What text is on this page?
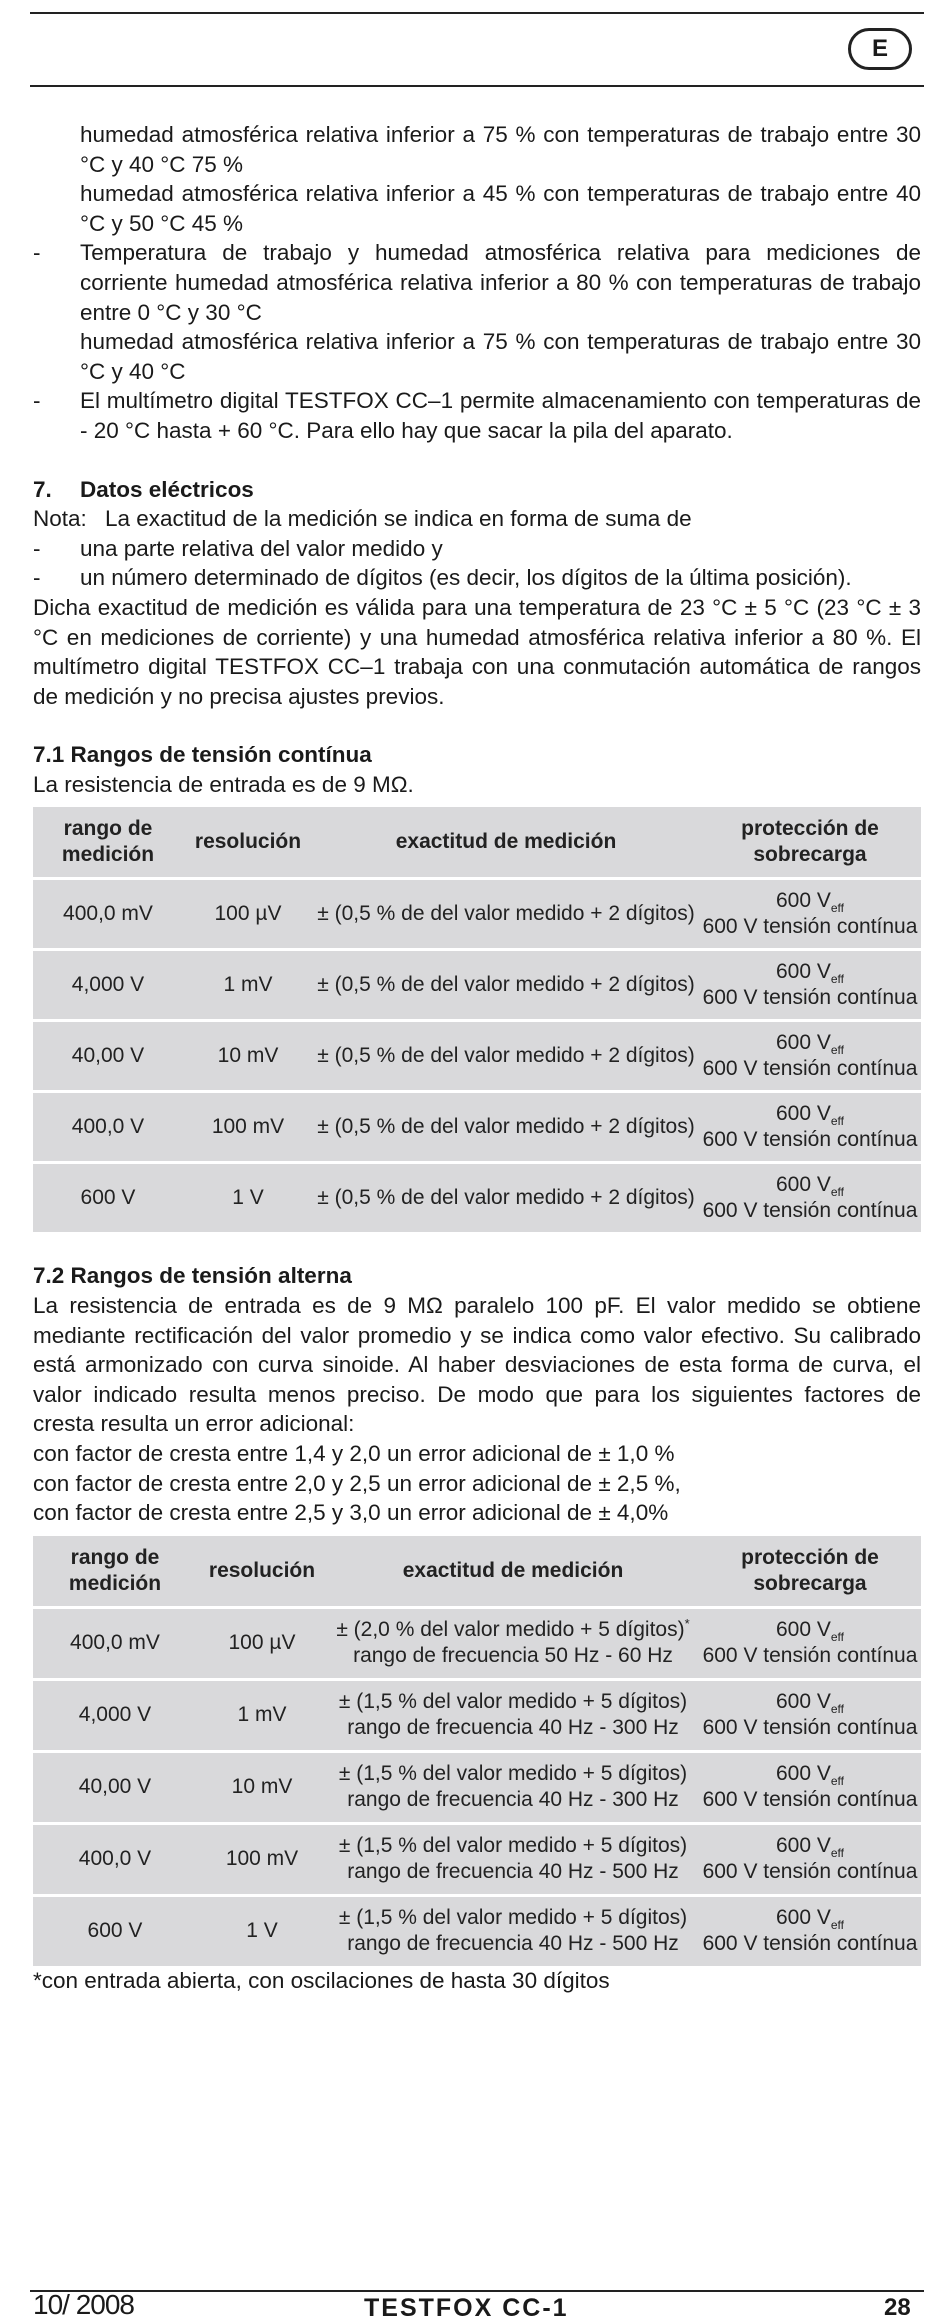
E
humedad atmosférica relativa inferior a 75 % con temperaturas de trabajo entre 30 °C y 40 °C 75 %
humedad atmosférica relativa inferior a 45 % con temperaturas de trabajo entre 40 °C y 50 °C 45 %
- Temperatura de trabajo y humedad atmosférica relativa para mediciones de corriente humedad atmosférica relativa inferior a 80 % con temperaturas de trabajo entre 0 °C y 30 °C
humedad atmosférica relativa inferior a 75 % con temperaturas de trabajo entre 30 °C y 40 °C
- El multímetro digital TESTFOX CC–1 permite almacenamiento con temperaturas de - 20 °C hasta + 60 °C. Para ello hay que sacar la pila del aparato.
7. Datos eléctricos
Nota: La exactitud de la medición se indica en forma de suma de
- una parte relativa del valor medido y
- un número determinado de dígitos (es decir, los dígitos de la última posición).
Dicha exactitud de medición es válida para una temperatura de 23 °C ± 5 °C (23 °C ± 3 °C en mediciones de corriente) y una humedad atmosférica relativa inferior a 80 %. El multímetro digital TESTFOX CC–1 trabaja con una conmutación automática de rangos de medición y no precisa ajustes previos.
7.1 Rangos de tensión contínua
La resistencia de entrada es de 9 MΩ.
rango de medición	resolución	exactitud de medición	protección de sobrecarga
400,0 mV	100 µV	± (0,5 % de del valor medido + 2 dígitos)	600 $V_{eff}$
600 V tensión contínua
4,000 V	1 mV	± (0,5 % de del valor medido + 2 dígitos)	600 $V_{eff}$
600 V tensión contínua
40,00 V	10 mV	± (0,5 % de del valor medido + 2 dígitos)	600 $V_{eff}$
600 V tensión contínua
400,0 V	100 mV	± (0,5 % de del valor medido + 2 dígitos)	600 $V_{eff}$
600 V tensión contínua
600 V	1 V	± (0,5 % de del valor medido + 2 dígitos)	600 $V_{eff}$
600 V tensión contínua
7.2 Rangos de tensión alterna
La resistencia de entrada es de 9 MΩ paralelo 100 pF. El valor medido se obtiene mediante rectificación del valor promedio y se indica como valor efectivo. Su calibrado está armonizado con curva sinoide. Al haber desviaciones de esta forma de curva, el valor indicado resulta menos preciso. De modo que para los siguientes factores de cresta resulta un error adicional:
con factor de cresta entre 1,4 y 2,0 un error adicional de ± 1,0 %
con factor de cresta entre 2,0 y 2,5 un error adicional de ± 2,5 %,
con factor de cresta entre 2,5 y 3,0 un error adicional de ± 4,0%
rango de medición	resolución	exactitud de medición	protección de sobrecarga
400,0 mV	100 µV	± (2,0 % del valor medido + 5 dígitos)*
rango de frecuencia 50 Hz - 60 Hz	600 $V_{eff}$
600 V tensión contínua
4,000 V	1 mV	± (1,5 % del valor medido + 5 dígitos)
rango de frecuencia 40 Hz - 300 Hz	600 $V_{eff}$
600 V tensión contínua
40,00 V	10 mV	± (1,5 % del valor medido + 5 dígitos)
rango de frecuencia 40 Hz - 300 Hz	600 $V_{eff}$
600 V tensión contínua
400,0 V	100 mV	± (1,5 % del valor medido + 5 dígitos)
rango de frecuencia 40 Hz - 500 Hz	600 $V_{eff}$
600 V tensión contínua
600 V	1 V	± (1,5 % del valor medido + 5 dígitos)
rango de frecuencia 40 Hz - 500 Hz	600 $V_{eff}$
600 V tensión contínua
*con entrada abierta, con oscilaciones de hasta 30 dígitos
10/ 2008	TESTFOX CC-1	28
